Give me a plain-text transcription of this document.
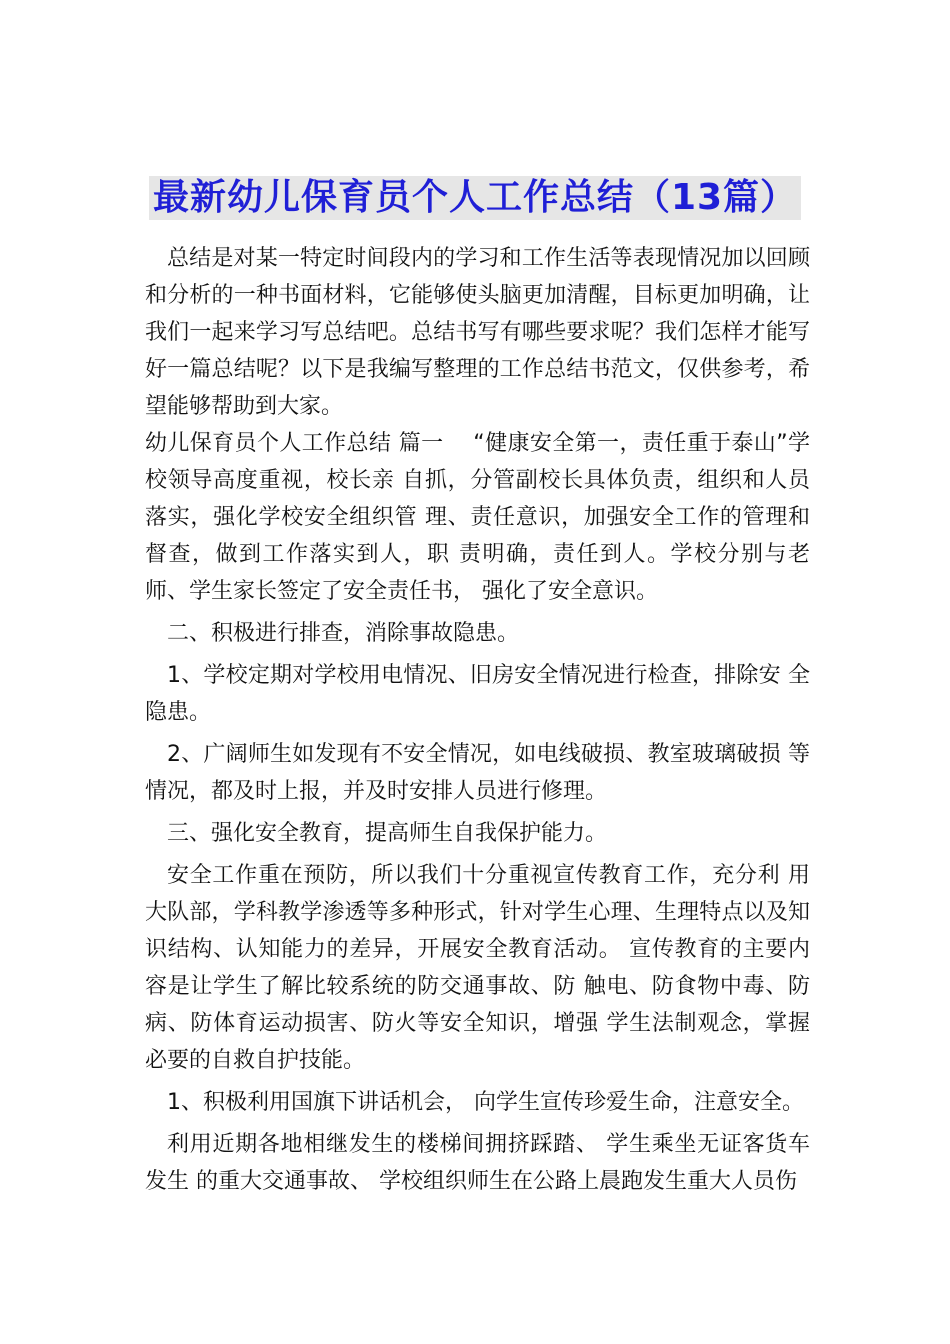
最新幼儿保育员个人工作总结（13篇）

总结是对某一特定时间段内的学习和工作生活等表现情况加以回顾和分析的一种书面材料，它能够使头脑更加清醒，目标更加明确，让我们一起来学习写总结吧。总结书写有哪些要求呢？我们怎样才能写好一篇总结呢？以下是我编写整理的工作总结书范文，仅供参考，希望能够帮助到大家。

幼儿保育员个人工作总结 篇一　 “健康安全第一，责任重于泰山”学校领导高度重视，校长亲 自抓，分管副校长具体负责，组织和人员落实，强化学校安全组织管 理、责任意识，加强安全工作的管理和督查，做到工作落实到人，职 责明确，责任到人。学校分别与老师、学生家长签定了安全责任书， 强化了安全意识。

二、积极进行排查，消除事故隐患。

1、学校定期对学校用电情况、旧房安全情况进行检查，排除安 全隐患。

2、广阔师生如发现有不安全情况，如电线破损、教室玻璃破损 等情况，都及时上报，并及时安排人员进行修理。

三、强化安全教育，提高师生自我保护能力。

安全工作重在预防，所以我们十分重视宣传教育工作，充分利 用大队部，学科教学渗透等多种形式，针对学生心理、生理特点以及知识结构、认知能力的差异，开展安全教育活动。 宣传教育的主要内容是让学生了解比较系统的防交通事故、防 触电、防食物中毒、防病、防体育运动损害、防火等安全知识，增强 学生法制观念，掌握必要的自救自护技能。

1、积极利用国旗下讲话机会， 向学生宣传珍爱生命，注意安全。

利用近期各地相继发生的楼梯间拥挤踩踏、 学生乘坐无证客货车发生 的重大交通事故、 学校组织师生在公路上晨跑发生重大人员伤
